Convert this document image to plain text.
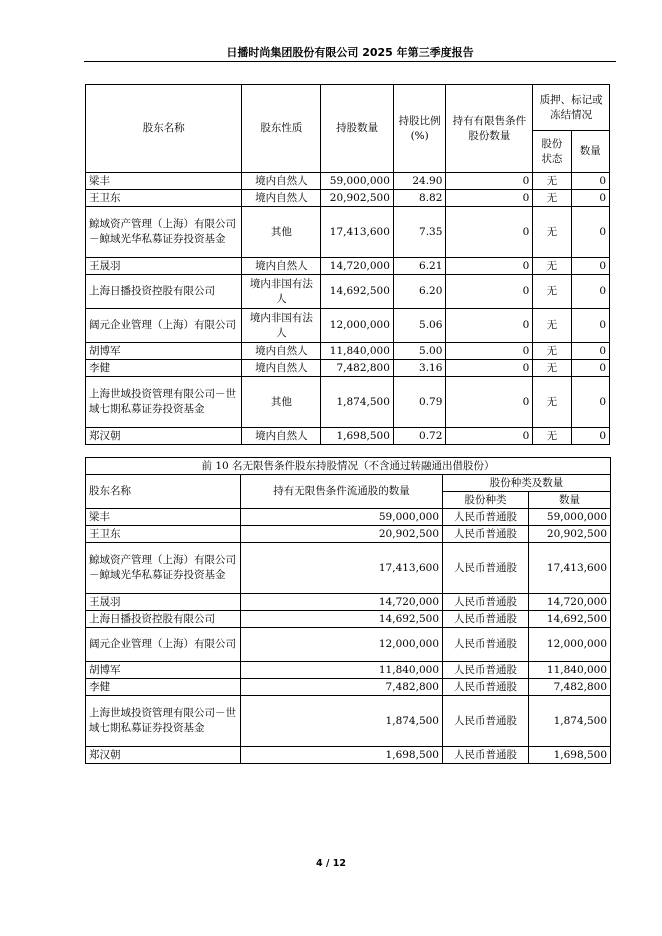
日播时尚集团股份有限公司 2025 年第三季度报告
股东名称	股东性质	持股数量	持股比例(%)	持有有限售条件股份数量	质押、标记或冻结情况	
					股份状态	数量
梁丰	境内自然人	59,000,000	24.90	0	无	0
王卫东	境内自然人	20,902,500	8.82	0	无	0
鲸域资产管理（上海）有限公司－鲸域光华私募证券投资基金	其他	17,413,600	7.35	0	无	0
王晟羽	境内自然人	14,720,000	6.21	0	无	0
上海日播投资控股有限公司	境内非国有法人	14,692,500	6.20	0	无	0
阔元企业管理（上海）有限公司	境内非国有法人	12,000,000	5.06	0	无	0
胡博军	境内自然人	11,840,000	5.00	0	无	0
李健	境内自然人	7,482,800	3.16	0	无	0
上海世域投资管理有限公司－世域七期私募证券投资基金	其他	1,874,500	0.79	0	无	0
郑汉朝	境内自然人	1,698,500	0.72	0	无	0
前 10 名无限售条件股东持股情况（不含通过转融通出借股份）			
股东名称	持有无限售条件流通股的数量	股份种类及数量	
		股份种类	数量
梁丰	59,000,000	人民币普通股	59,000,000
王卫东	20,902,500	人民币普通股	20,902,500
鲸域资产管理（上海）有限公司－鲸域光华私募证券投资基金	17,413,600	人民币普通股	17,413,600
王晟羽	14,720,000	人民币普通股	14,720,000
上海日播投资控股有限公司	14,692,500	人民币普通股	14,692,500
阔元企业管理（上海）有限公司	12,000,000	人民币普通股	12,000,000
胡博军	11,840,000	人民币普通股	11,840,000
李健	7,482,800	人民币普通股	7,482,800
上海世域投资管理有限公司－世域七期私募证券投资基金	1,874,500	人民币普通股	1,874,500
郑汉朝	1,698,500	人民币普通股	1,698,500
4 / 12
